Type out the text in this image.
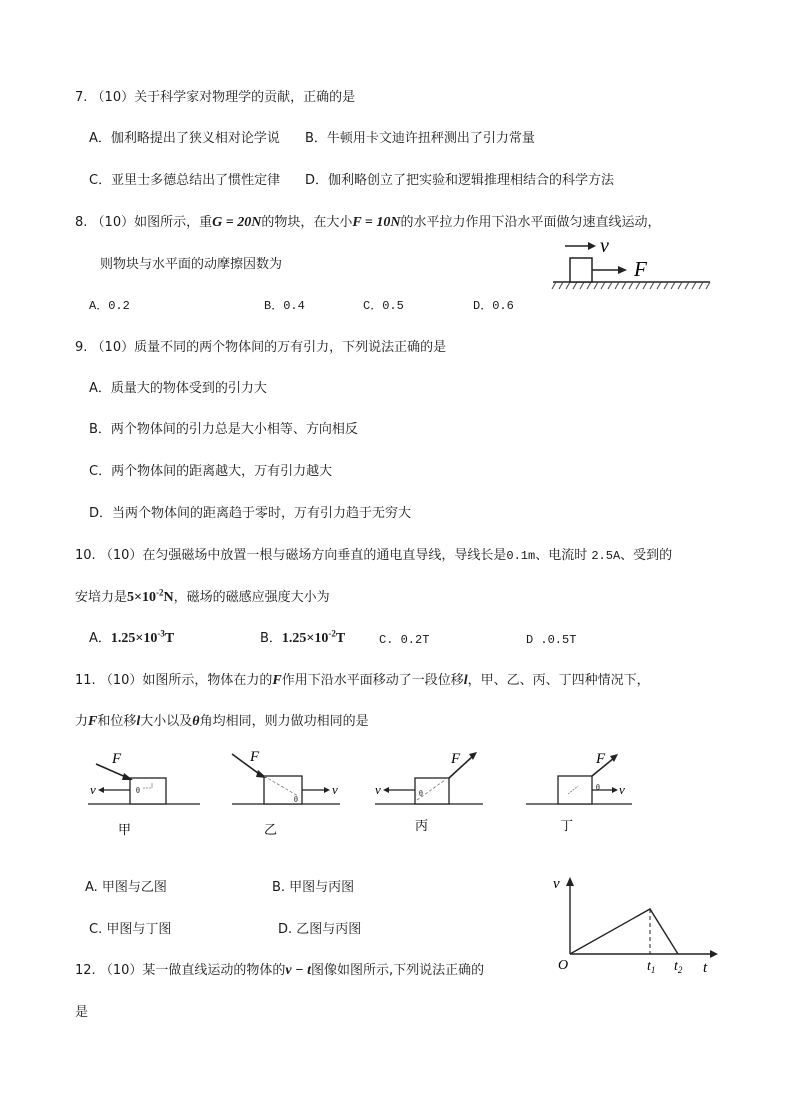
7. （10）关于科学家对物理学的贡献，正确的是
A．伽利略提出了狭义相对论学说 B．牛顿用卡文迪许扭秤测出了引力常量
C．亚里士多德总结出了惯性定律 D．伽利略创立了把实验和逻辑推理相结合的科学方法
8. （10）如图所示，重G = 20N的物块，在大小F = 10N的水平拉力作用下沿水平面做匀速直线运动，
则物块与水平面的动摩擦因数为
v
F
A．0.2	B．0.4	C．0.5	D．0.6
9. （10）质量不同的两个物体间的万有引力，下列说法正确的是
A．质量大的物体受到的引力大
B．两个物体间的引力总是大小相等、方向相反
C．两个物体间的距离越大，万有引力越大
D．当两个物体间的距离趋于零时，万有引力趋于无穷大
10. （10）在匀强磁场中放置一根与磁场方向垂直的通电直导线，导线长是0.1m、电流时 2.5A、受到的
安培力是$5\times 10^{-2}N$，磁场的磁感应强度大小为
A．$1.25\times 10^{-3}T$	B．$1.25\times 10^{-2}T$	C. 0.2T	D .0.5T
11. （10）如图所示，物体在力的F作用下沿水平面移动了一段位移l，甲、乙、丙、丁四种情况下，
力F和位移l大小以及θ角均相同，则力做功相同的是
F
v	θ
甲
F
v
θ
乙
F
v	θ
丙
F
v
θ
丁
A. 甲图与乙图	B. 甲图与丙图
C. 甲图与丁图	D. 乙图与丙图
v
t
O	$t_1$ $t_2$
12. （10）某一做直线运动的物体的v − t图像如图所示,下列说法正确的
是
